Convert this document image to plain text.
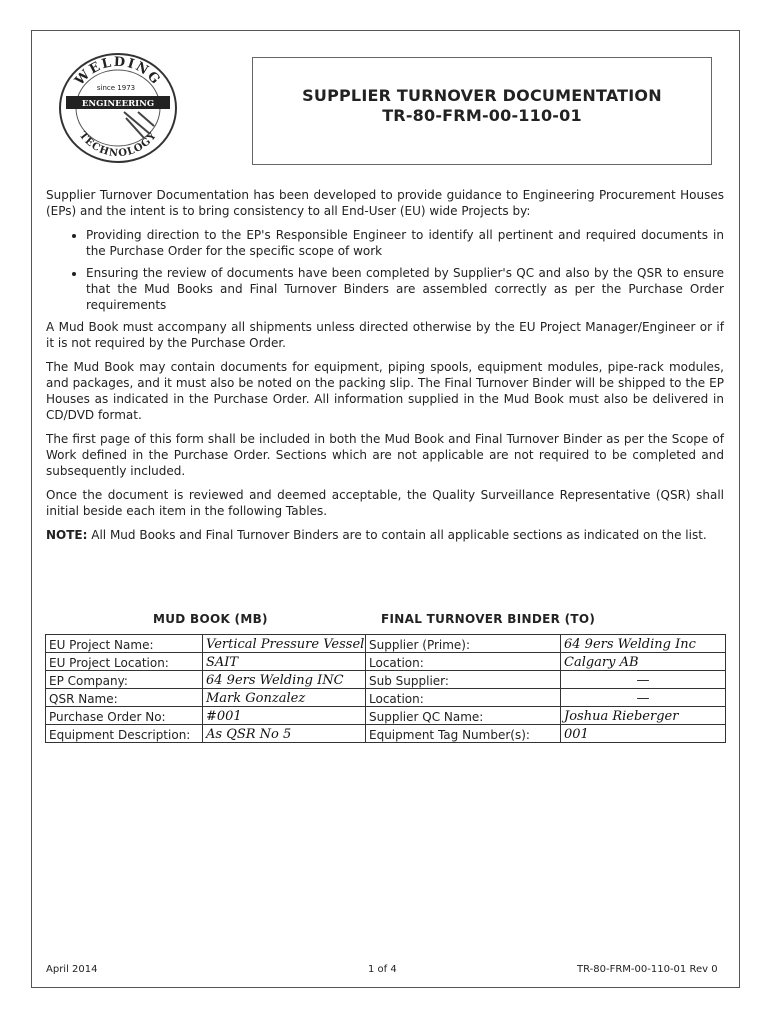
WELDING
TECHNOLOGY
since 1973
ENGINEERING	SUPPLIER TURNOVER DOCUMENTATION
TR-80-FRM-00-110-01

Supplier Turnover Documentation has been developed to provide guidance to Engineering Procurement Houses (EPs) and the intent is to bring consistency to all End-User (EU) wide Projects by:

• Providing direction to the EP's Responsible Engineer to identify all pertinent and required documents in the Purchase Order for the specific scope of work
• Ensuring the review of documents have been completed by Supplier's QC and also by the QSR to ensure that the Mud Books and Final Turnover Binders are assembled correctly as per the Purchase Order requirements

A Mud Book must accompany all shipments unless directed otherwise by the EU Project Manager/Engineer or if it is not required by the Purchase Order.

The Mud Book may contain documents for equipment, piping spools, equipment modules, pipe-rack modules, and packages, and it must also be noted on the packing slip. The Final Turnover Binder will be shipped to the EP Houses as indicated in the Purchase Order. All information supplied in the Mud Book must also be delivered in CD/DVD format.

The first page of this form shall be included in both the Mud Book and Final Turnover Binder as per the Scope of Work defined in the Purchase Order. Sections which are not applicable are not required to be completed and subsequently included.

Once the document is reviewed and deemed acceptable, the Quality Surveillance Representative (QSR) shall initial beside each item in the following Tables.

NOTE: All Mud Books and Final Turnover Binders are to contain all applicable sections as indicated on the list.

MUD BOOK (MB)	FINAL TURNOVER BINDER (TO)
EU Project Name:	Vertical Pressure Vessel	Supplier (Prime):	64 9ers Welding Inc
EU Project Location:	SAIT	Location:	Calgary AB
EP Company:	64 9ers Welding INC	Sub Supplier:	—
QSR Name:	Mark Gonzalez	Location:	—
Purchase Order No:	#001	Supplier QC Name:	Joshua Rieberger
Equipment Description:	As QSR No 5	Equipment Tag Number(s):	001
April 2014	1 of 4	TR-80-FRM-00-110-01 Rev 0
